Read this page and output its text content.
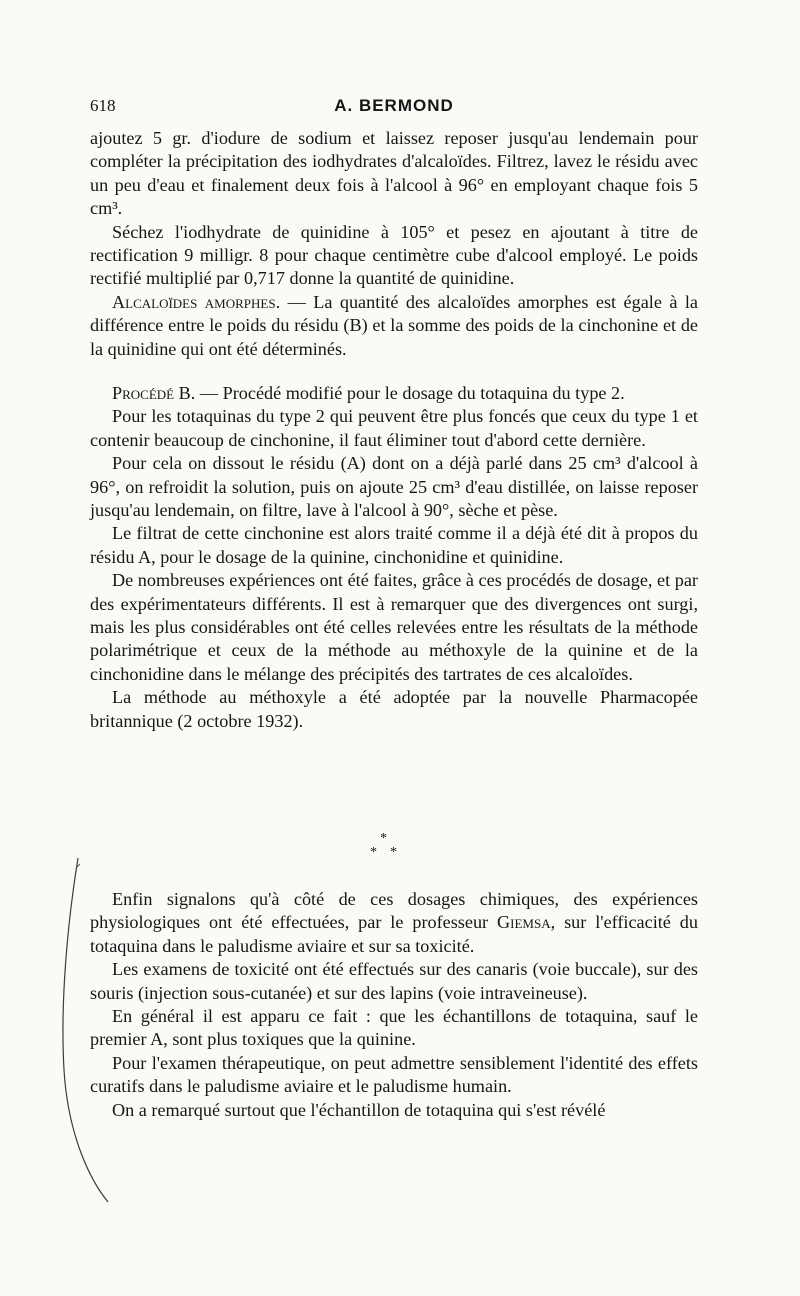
618	A. BERMOND

ajoutez 5 gr. d'iodure de sodium et laissez reposer jusqu'au lendemain pour compléter la précipitation des iodhydrates d'alcaloïdes. Filtrez, lavez le résidu avec un peu d'eau et finalement deux fois à l'alcool à 96° en employant chaque fois 5 cm³.

Séchez l'iodhydrate de quinidine à 105° et pesez en ajoutant à titre de rectification 9 milligr. 8 pour chaque centimètre cube d'alcool employé. Le poids rectifié multiplié par 0,717 donne la quantité de quinidine.

Alcaloïdes amorphes. — La quantité des alcaloïdes amorphes est égale à la différence entre le poids du résidu (B) et la somme des poids de la cinchonine et de la quinidine qui ont été déterminés.

Procédé B. — Procédé modifié pour le dosage du totaquina du type 2.

Pour les totaquinas du type 2 qui peuvent être plus foncés que ceux du type 1 et contenir beaucoup de cinchonine, il faut éliminer tout d'abord cette dernière.

Pour cela on dissout le résidu (A) dont on a déjà parlé dans 25 cm³ d'alcool à 96°, on refroidit la solution, puis on ajoute 25 cm³ d'eau distillée, on laisse reposer jusqu'au lendemain, on filtre, lave à l'alcool à 90°, sèche et pèse.

Le filtrat de cette cinchonine est alors traité comme il a déjà été dit à propos du résidu A, pour le dosage de la quinine, cinchonidine et quinidine.

De nombreuses expériences ont été faites, grâce à ces procédés de dosage, et par des expérimentateurs différents. Il est à remarquer que des divergences ont surgi, mais les plus considérables ont été celles relevées entre les résultats de la méthode polarimétrique et ceux de la méthode au méthoxyle de la quinine et de la cinchonidine dans le mélange des précipités des tartrates de ces alcaloïdes.

La méthode au méthoxyle a été adoptée par la nouvelle Pharmacopée britannique (2 octobre 1932).

*
* *

Enfin signalons qu'à côté de ces dosages chimiques, des expériences physiologiques ont été effectuées, par le professeur Giemsa, sur l'efficacité du totaquina dans le paludisme aviaire et sur sa toxicité.

Les examens de toxicité ont été effectués sur des canaris (voie buccale), sur des souris (injection sous-cutanée) et sur des lapins (voie intraveineuse).

En général il est apparu ce fait : que les échantillons de totaquina, sauf le premier A, sont plus toxiques que la quinine.

Pour l'examen thérapeutique, on peut admettre sensiblement l'identité des effets curatifs dans le paludisme aviaire et le paludisme humain.

On a remarqué surtout que l'échantillon de totaquina qui s'est révélé
